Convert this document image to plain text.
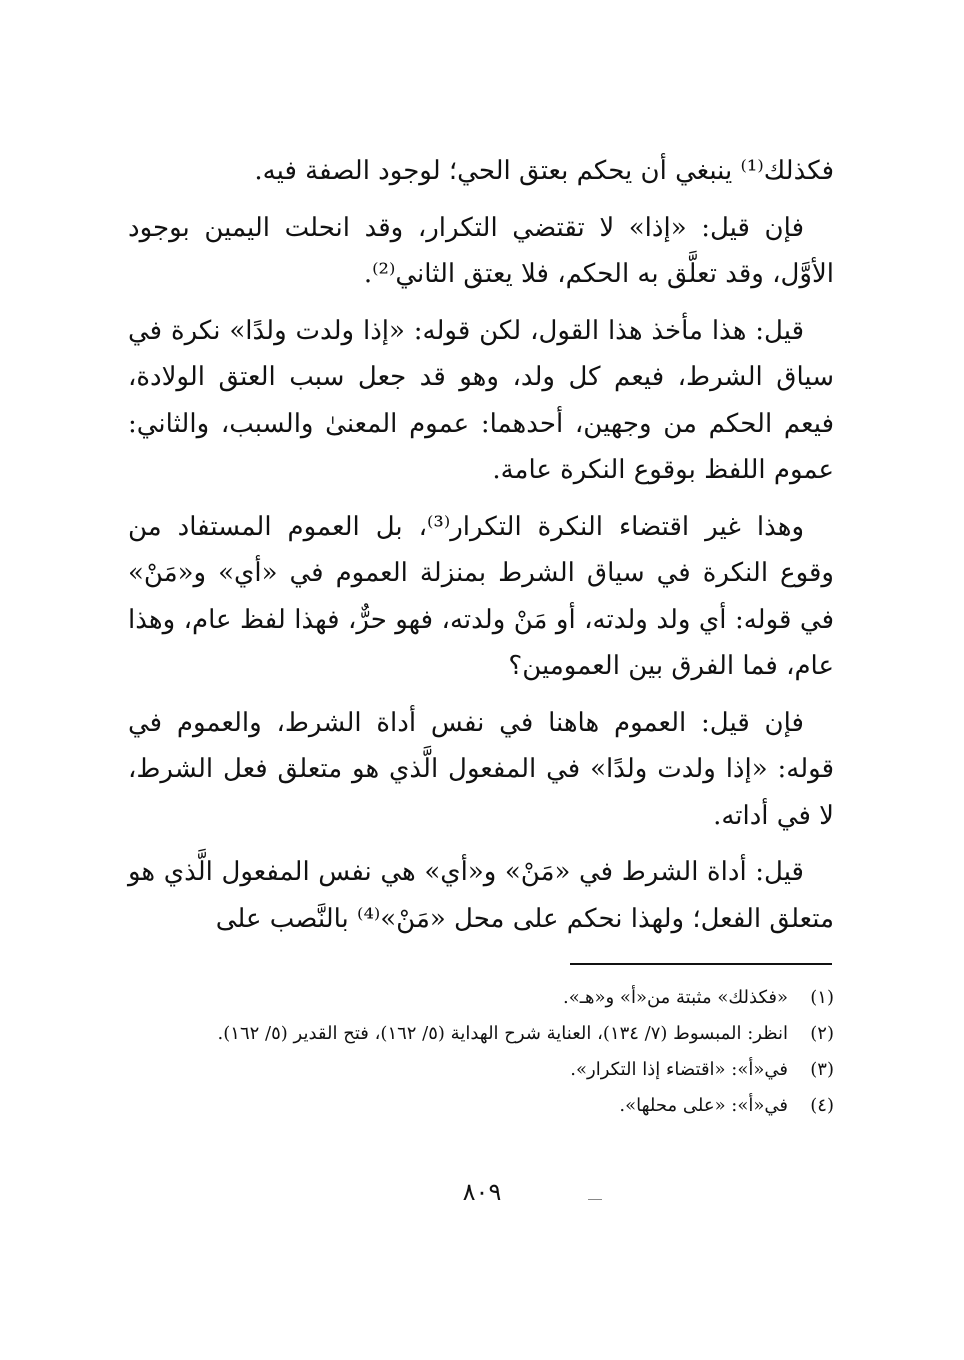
فكذلك⁽¹⁾ ينبغي أن يحكم بعتق الحي؛ لوجود الصفة فيه.

فإن قيل: «إذا» لا تقتضي التكرار، وقد انحلت اليمين بوجود الأوَّل، وقد تعلَّق به الحكم، فلا يعتق الثاني⁽²⁾.

قيل: هذا مأخذ هذا القول، لكن قوله: «إذا ولدت ولدًا» نكرة في سياق الشرط، فيعم كل ولد، وهو قد جعل سبب العتق الولادة، فيعم الحكم من وجهين، أحدهما: عموم المعنىٰ والسبب، والثاني: عموم اللفظ بوقوع النكرة عامة.

وهذا غير اقتضاء النكرة التكرار⁽³⁾، بل العموم المستفاد من وقوع النكرة في سياق الشرط بمنزلة العموم في «أي» و«مَنْ» في قوله: أي ولد ولدته، أو مَنْ ولدته، فهو حرٌّ، فهذا لفظ عام، وهذا عام، فما الفرق بين العمومين؟

فإن قيل: العموم هاهنا في نفس أداة الشرط، والعموم في قوله: «إذا ولدت ولدًا» في المفعول الَّذي هو متعلق فعل الشرط، لا في أداته.

قيل: أداة الشرط في «مَنْ» و«أي» هي نفس المفعول الَّذي هو متعلق الفعل؛ ولهذا نحكم على محل «مَنْ»⁽⁴⁾ بالنَّصب على

(١)
«فكذلك» مثبتة من«أ» و«هـ».
(٢)
انظر: المبسوط (٧/ ١٣٤)، العناية شرح الهداية (٥/ ١٦٢)، فتح القدير (٥/ ١٦٢).
(٣)
في«أ»: «اقتضاء إذا التكرار».
(٤)
في«أ»: «على محلها».
٨٠٩
